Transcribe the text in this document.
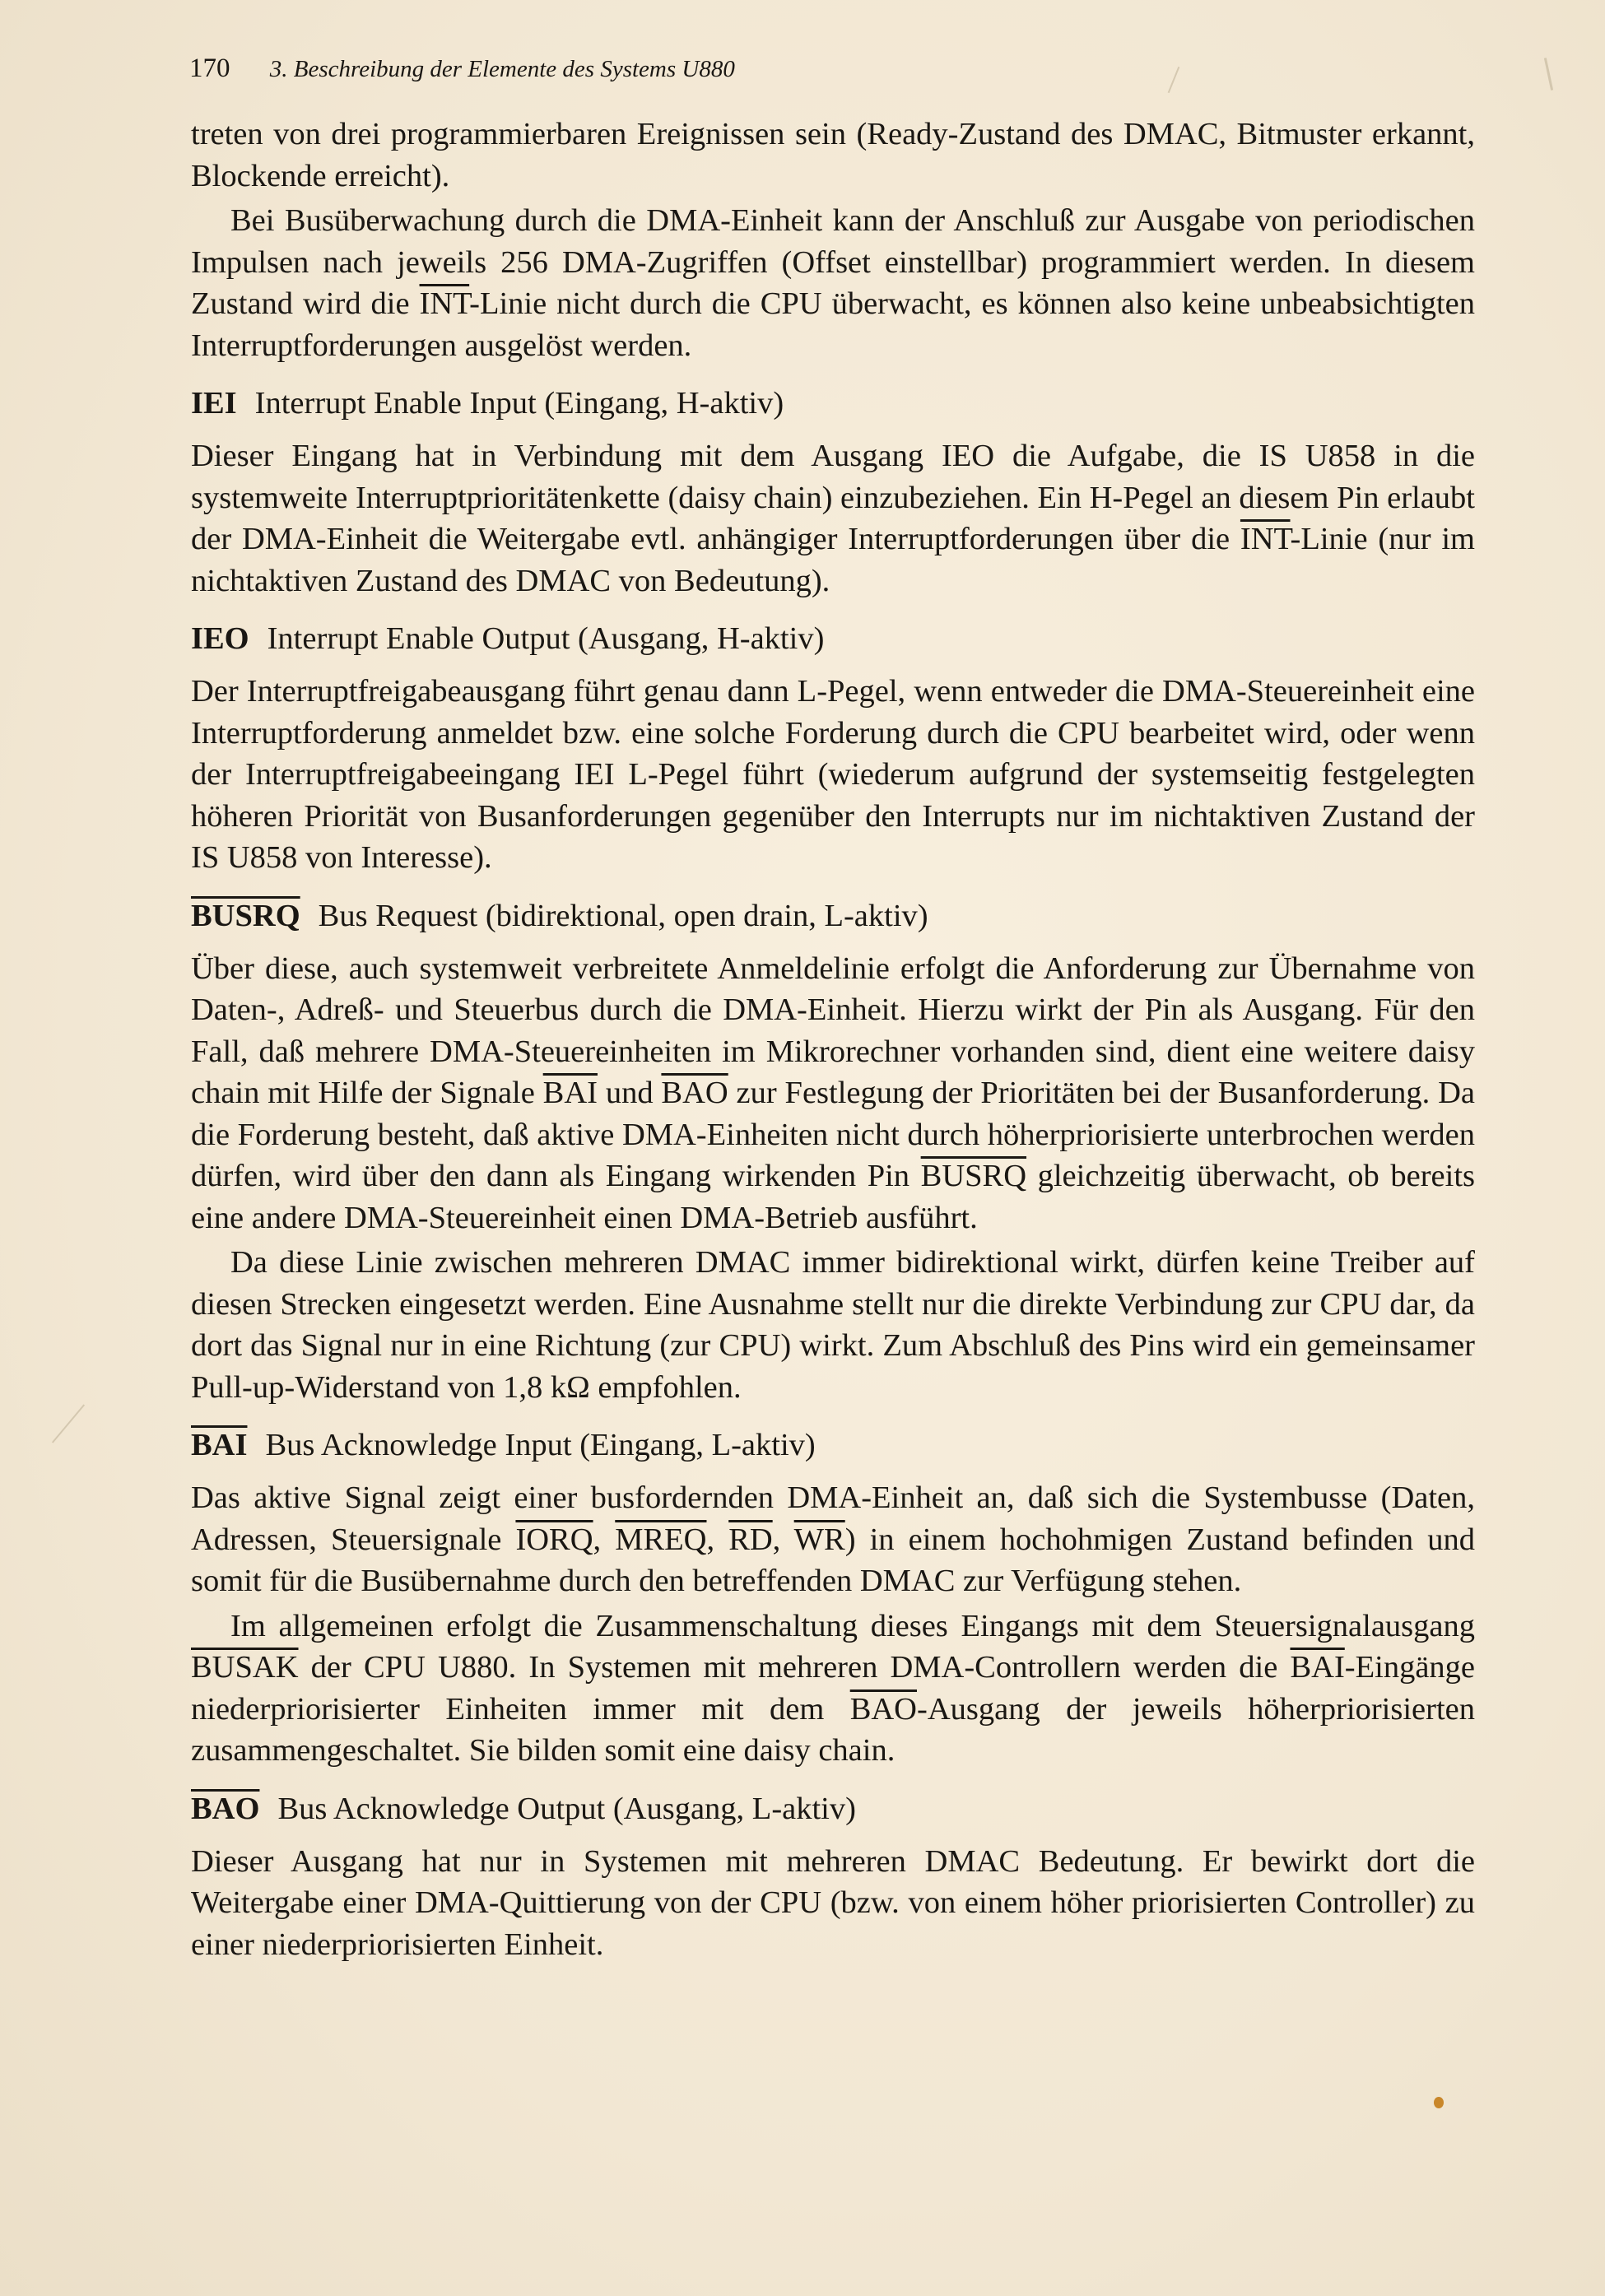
170 3. Beschreibung der Elemente des Systems U880

treten von drei programmierbaren Ereignissen sein (Ready-Zustand des DMAC, Bitmuster erkannt, Blockende erreicht).

Bei Busüberwachung durch die DMA-Einheit kann der Anschluß zur Ausgabe von periodischen Impulsen nach jeweils 256 DMA-Zugriffen (Offset einstellbar) programmiert werden. In diesem Zustand wird die $\overline{INT}$-Linie nicht durch die CPU überwacht, es können also keine unbeabsichtigten Interruptforderungen ausgelöst werden.

IEI Interrupt Enable Input (Eingang, H-aktiv)

Dieser Eingang hat in Verbindung mit dem Ausgang IEO die Aufgabe, die IS U858 in die systemweite Interruptprioritätenkette (daisy chain) einzubeziehen. Ein H-Pegel an diesem Pin erlaubt der DMA-Einheit die Weitergabe evtl. anhängiger Interruptforderungen über die $\overline{INT}$-Linie (nur im nichtaktiven Zustand des DMAC von Bedeutung).

IEO Interrupt Enable Output (Ausgang, H-aktiv)

Der Interruptfreigabeausgang führt genau dann L-Pegel, wenn entweder die DMA-Steuereinheit eine Interruptforderung anmeldet bzw. eine solche Forderung durch die CPU bearbeitet wird, oder wenn der Interruptfreigabeeingang IEI L-Pegel führt (wiederum aufgrund der systemseitig festgelegten höheren Priorität von Busanforderungen gegenüber den Interrupts nur im nichtaktiven Zustand der IS U858 von Interesse).

BUSRQ Bus Request (bidirektional, open drain, L-aktiv)

Über diese, auch systemweit verbreitete Anmeldelinie erfolgt die Anforderung zur Übernahme von Daten-, Adreß- und Steuerbus durch die DMA-Einheit. Hierzu wirkt der Pin als Ausgang. Für den Fall, daß mehrere DMA-Steuereinheiten im Mikrorechner vorhanden sind, dient eine weitere daisy chain mit Hilfe der Signale $\overline{BAI}$ und $\overline{BAO}$ zur Festlegung der Prioritäten bei der Busanforderung. Da die Forderung besteht, daß aktive DMA-Einheiten nicht durch höherpriorisierte unterbrochen werden dürfen, wird über den dann als Eingang wirkenden Pin BUSRQ gleichzeitig überwacht, ob bereits eine andere DMA-Steuereinheit einen DMA-Betrieb ausführt.

Da diese Linie zwischen mehreren DMAC immer bidirektional wirkt, dürfen keine Treiber auf diesen Strecken eingesetzt werden. Eine Ausnahme stellt nur die direkte Verbindung zur CPU dar, da dort das Signal nur in eine Richtung (zur CPU) wirkt. Zum Abschluß des Pins wird ein gemeinsamer Pull-up-Widerstand von 1,8 kΩ empfohlen.

$\overline{BAI}$ Bus Acknowledge Input (Eingang, L-aktiv)

Das aktive Signal zeigt einer busfordernden DMA-Einheit an, daß sich die Systembusse (Daten, Adressen, Steuersignale IORQ, MREQ, $\overline{RD}$, $\overline{WR}$) in einem hochohmigen Zustand befinden und somit für die Busübernahme durch den betreffenden DMAC zur Verfügung stehen.

Im allgemeinen erfolgt die Zusammenschaltung dieses Eingangs mit dem Steuersignalausgang BUSAK der CPU U880. In Systemen mit mehreren DMA-Controllern werden die $\overline{BAI}$-Eingänge niederpriorisierter Einheiten immer mit dem $\overline{BAO}$-Ausgang der jeweils höherpriorisierten zusammengeschaltet. Sie bilden somit eine daisy chain.

$\overline{BAO}$ Bus Acknowledge Output (Ausgang, L-aktiv)

Dieser Ausgang hat nur in Systemen mit mehreren DMAC Bedeutung. Er bewirkt dort die Weitergabe einer DMA-Quittierung von der CPU (bzw. von einem höher priorisierten Controller) zu einer niederpriorisierten Einheit.
